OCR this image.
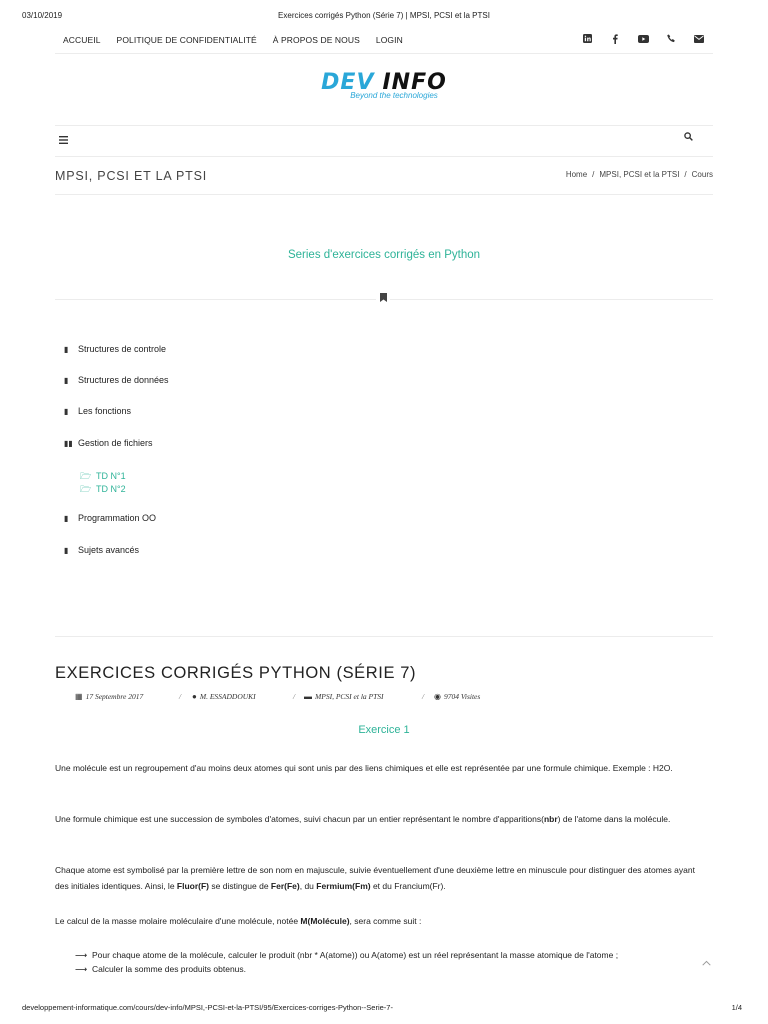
03/10/2019	Exercices corrigés Python (Série 7) | MPSI, PCSI et la PTSI
ACCUEIL	POLITIQUE DE CONFIDENTIALITÉ	À PROPOS DE NOUS	LOGIN
DEV INFO
Beyond the technologies
MPSI, PCSI ET LA PTSI	Home / MPSI, PCSI et la PTSI / Cours
Series d'exercices corrigés en Python
▮ Structures de controle
▮ Structures de données
▮ Les fonctions
▮▮ Gestion de fichiers
🗁 TD N°1
🗁 TD N°2
▮ Programmation OO
▮ Sujets avancés
EXERCICES CORRIGÉS PYTHON (SÉRIE 7)
▦ 17 Septembre 2017	/ ● M. ESSADDOUKI	/ ▬ MPSI, PCSI et la PTSI	/ ◉ 9704 Visites
Exercice 1
Une molécule est un regroupement d'au moins deux atomes qui sont unis par des liens chimiques et elle est représentée par une formule chimique. Exemple : H2O.
Une formule chimique est une succession de symboles d'atomes, suivi chacun par un entier représentant le nombre d'apparitions(nbr) de l'atome dans la molécule.
Chaque atome est symbolisé par la première lettre de son nom en majuscule, suivie éventuellement d'une deuxième lettre en minuscule pour distinguer des atomes ayant des initiales identiques. Ainsi, le Fluor(F) se distingue de Fer(Fe), du Fermium(Fm) et du Francium(Fr).
Le calcul de la masse molaire moléculaire d'une molécule, notée M(Molécule), sera comme suit :
⟶ Pour chaque atome de la molécule, calculer le produit (nbr * A(atome)) ou A(atome) est un réel représentant la masse atomique de l'atome ;
⟶ Calculer la somme des produits obtenus.
developpement-informatique.com/cours/dev-info/MPSI,-PCSI-et-la-PTSI/95/Exercices-corriges-Python--Serie-7-	1/4
